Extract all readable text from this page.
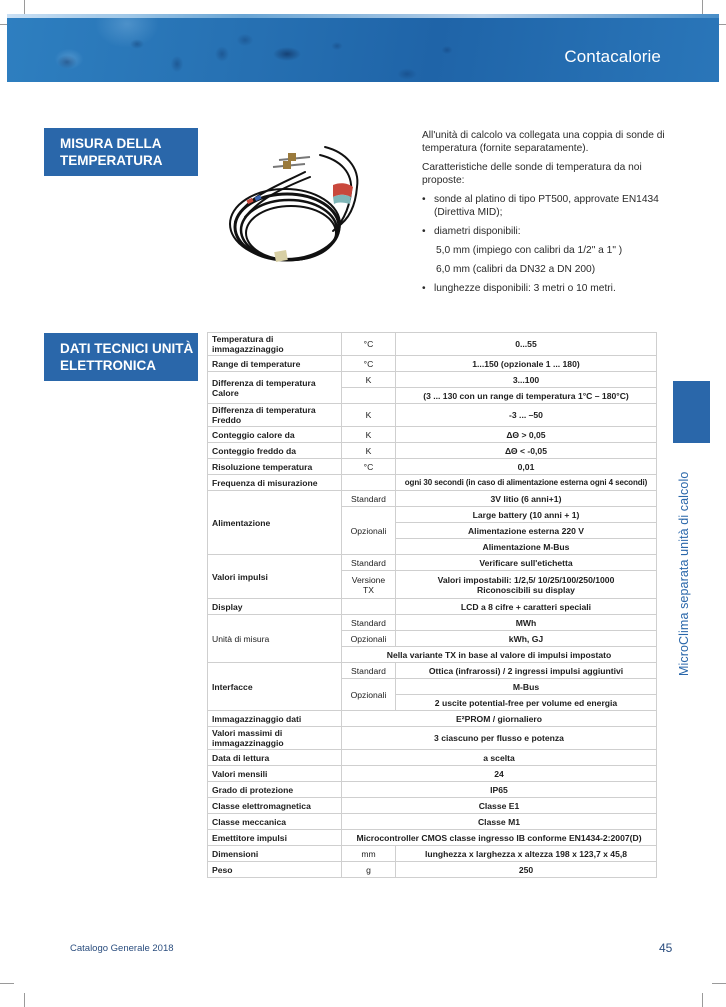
Contacalorie
MISURA DELLA
TEMPERATURA

All'unità di calcolo va collegata una coppia di sonde di temperatura (fornite separatamente).

Caratteristiche delle sonde di temperatura da noi proposte:

• sonde al platino di tipo PT500, approvate EN1434 (Direttiva MID);
• diametri disponibili:
5,0 mm (impiego con calibri da 1/2" a 1" )
6,0 mm (calibri da DN32 a DN 200)
• lunghezze disponibili: 3 metri o 10 metri.
DATI TECNICI UNITÀ
ELETTRONICA
Temperatura di immagazzinaggio	°C	0...55
Range di temperature	°C	1...150 (opzionale 1 ... 180)
Differenza di temperatura Calore	K	3...100
		(3 ... 130 con un range di temperatura 1°C – 180°C)
Differenza di temperatura Freddo	K	-3 ... –50
Conteggio calore da	K	ΔΘ > 0,05
Conteggio freddo da	K	ΔΘ < -0,05
Risoluzione temperatura	°C	0,01
Frequenza di misurazione		ogni 30 secondi (in caso di alimentazione esterna ogni 4 secondi)
Alimentazione	Standard	3V litio (6 anni+1)
	Opzionali	Large battery (10 anni + 1)
		Alimentazione esterna 220 V
		Alimentazione M-Bus
Valori impulsi	Standard	Verificare sull'etichetta
	Versione TX	Valori impostabili: 1/2,5/ 10/25/100/250/1000
Riconoscibili su display

Display		LCD a 8 cifre + caratteri speciali
Unità di misura	Standard	MWh
	Opzionali	kWh, GJ
	Nella variante TX in base al valore di impulsi impostato	
Interfacce	Standard	Ottica (infrarossi) / 2 ingressi impulsi aggiuntivi
	Opzionali	M-Bus
		2 uscite potential-free per volume ed energia
Immagazzinaggio dati	E²PROM / giornaliero	
Valori massimi di immagazzinaggio	3 ciascuno per flusso e potenza	
Data di lettura	a scelta	
Valori mensili	24	
Grado di protezione	IP65	
Classe elettromagnetica	Classe E1	
Classe meccanica	Classe M1	
Emettitore impulsi	Microcontroller CMOS classe ingresso IB conforme EN1434-2:2007(D)	
Dimensioni	mm	lunghezza x larghezza x altezza 198 x 123,7 x 45,8
Peso	g	250
MicroClima separata unità di calcolo
Catalogo Generale 2018	45
